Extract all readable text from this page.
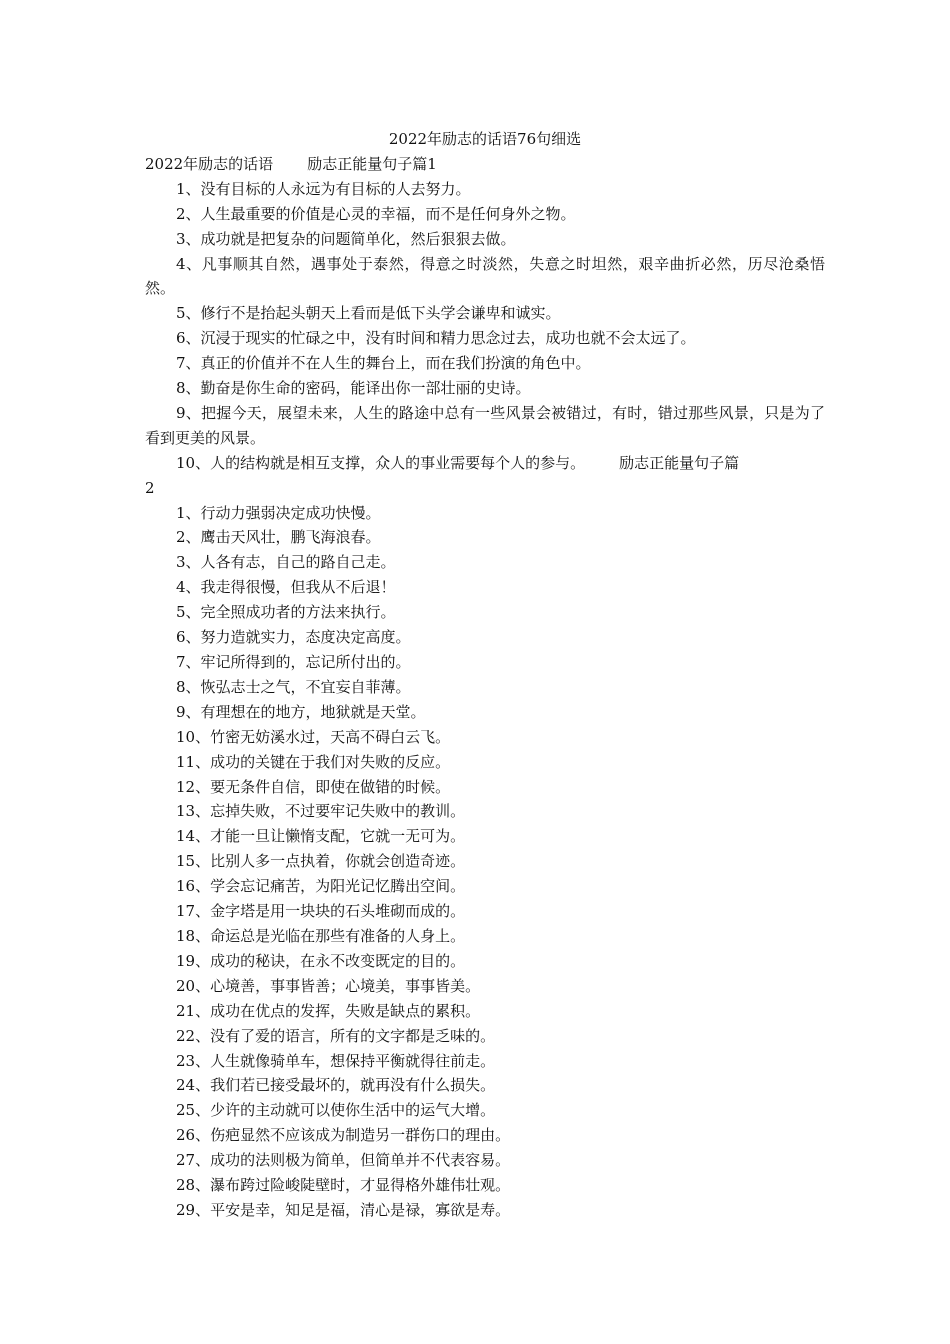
2022年励志的话语76句细选
2022年励志的话语 励志正能量句子篇1
1、没有目标的人永远为有目标的人去努力。
2、人生最重要的价值是心灵的幸福，而不是任何身外之物。
3、成功就是把复杂的问题简单化，然后狠狠去做。
4、凡事顺其自然，遇事处于泰然，得意之时淡然，失意之时坦然，艰辛曲折必然，历尽沧桑悟然。
5、修行不是抬起头朝天上看而是低下头学会谦卑和诚实。
6、沉浸于现实的忙碌之中，没有时间和精力思念过去，成功也就不会太远了。
7、真正的价值并不在人生的舞台上，而在我们扮演的角色中。
8、勤奋是你生命的密码，能译出你一部壮丽的史诗。
9、把握今天，展望未来，人生的路途中总有一些风景会被错过，有时，错过那些风景，只是为了看到更美的风景。
10、人的结构就是相互支撑，众人的事业需要每个人的参与。 励志正能量句子篇
2
1、行动力强弱决定成功快慢。
2、鹰击天风壮，鹏飞海浪春。
3、人各有志，自己的路自己走。
4、我走得很慢，但我从不后退！
5、完全照成功者的方法来执行。
6、努力造就实力，态度决定高度。
7、牢记所得到的，忘记所付出的。
8、恢弘志士之气，不宜妄自菲薄。
9、有理想在的地方，地狱就是天堂。
10、竹密无妨溪水过，天高不碍白云飞。
11、成功的关键在于我们对失败的反应。
12、要无条件自信，即使在做错的时候。
13、忘掉失败，不过要牢记失败中的教训。
14、才能一旦让懒惰支配，它就一无可为。
15、比别人多一点执着，你就会创造奇迹。
16、学会忘记痛苦，为阳光记忆腾出空间。
17、金字塔是用一块块的石头堆砌而成的。
18、命运总是光临在那些有准备的人身上。
19、成功的秘诀，在永不改变既定的目的。
20、心境善，事事皆善；心境美，事事皆美。
21、成功在优点的发挥，失败是缺点的累积。
22、没有了爱的语言，所有的文字都是乏味的。
23、人生就像骑单车，想保持平衡就得往前走。
24、我们若已接受最坏的，就再没有什么损失。
25、少许的主动就可以使你生活中的运气大增。
26、伤疤显然不应该成为制造另一群伤口的理由。
27、成功的法则极为简单，但简单并不代表容易。
28、瀑布跨过险峻陡壁时，才显得格外雄伟壮观。
29、平安是幸，知足是福，清心是禄，寡欲是寿。
